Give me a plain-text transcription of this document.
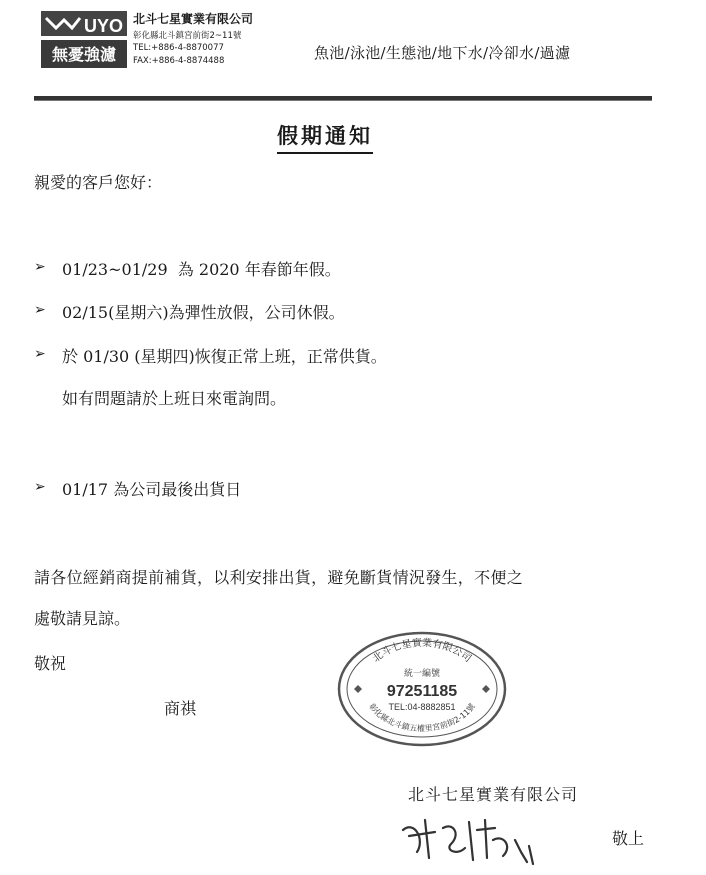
UYO
無憂強濾
北斗七星實業有限公司
彰化縣北斗鎮宮前街2~11號
TEL:+886-4-8870077
FAX:+886-4-8874488	魚池/泳池/生態池/地下水/冷卻水/過濾
假期通知
親愛的客戶您好：
➢ 01/23~01/29  為 2020 年春節年假。
➢ 02/15(星期六)為彈性放假，公司休假。
➢ 於 01/30 (星期四)恢復正常上班，正常供貨。
如有問題請於上班日來電詢問。
➢ 01/17 為公司最後出貨日
請各位經銷商提前補貨，以利安排出貨，避免斷貨情況發生，不便之
處敬請見諒。
敬祝
商祺
北斗七星實業有限公司
統一編號
97251185
TEL:04-8882851
彰化縣北斗鎮五權里宮前街2-11號
北斗七星實業有限公司
敬上
